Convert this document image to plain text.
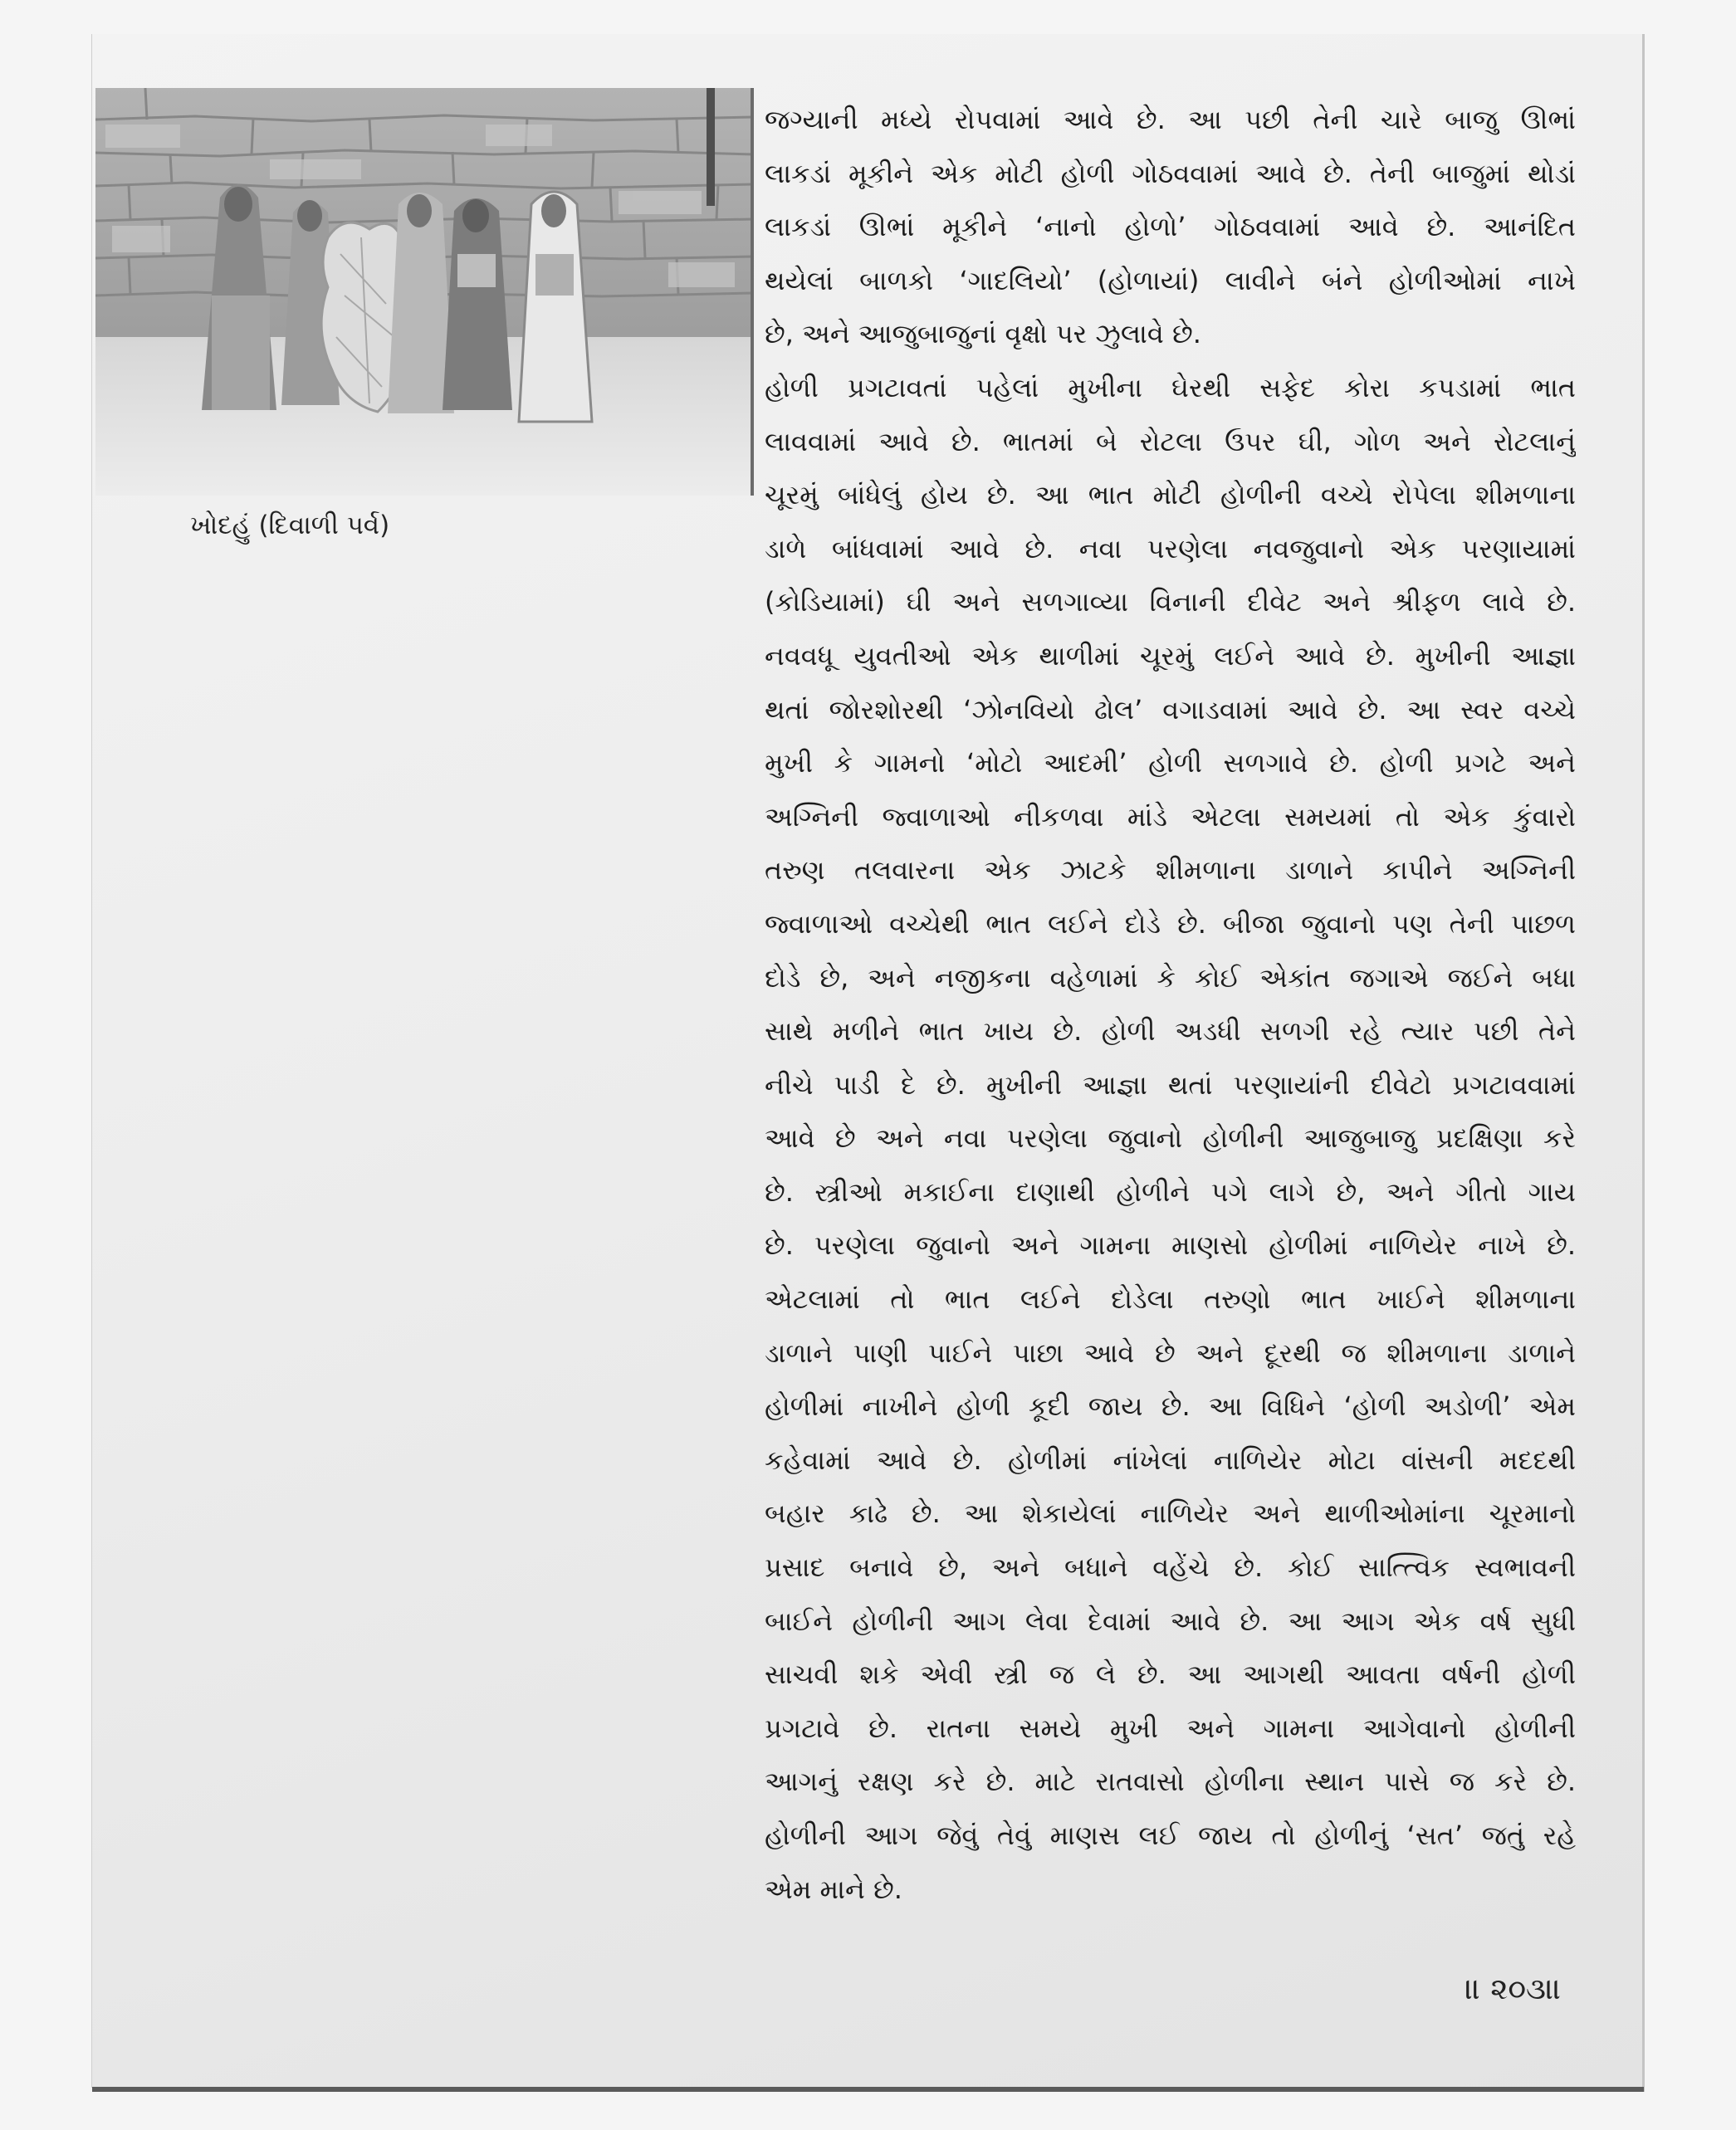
ખોદહું (દિવાળી પર્વ)
જગ્યાની મધ્યે રોપવામાં આવે છે. આ પછી તેની ચારે બાજુ ઊભાં
લાકડાં મૂકીને એક મોટી હોળી ગોઠવવામાં આવે છે. તેની બાજુમાં થોડાં
લાકડાં ઊભાં મૂકીને ‘નાનો હોળો’ ગોઠવવામાં આવે છે. આનંદિત
થયેલાં બાળકો ‘ગાદલિયો’ (હોળાયાં) લાવીને બંને હોળીઓમાં નાખે
છે, અને આજુબાજુનાં વૃક્ષો પર ઝુલાવે છે.
હોળી પ્રગટાવતાં પહેલાં મુખીના ઘેરથી સફેદ કોરા કપડામાં ભાત
લાવવામાં આવે છે. ભાતમાં બે રોટલા ઉપર ઘી, ગોળ અને રોટલાનું
ચૂરમું બાંધેલું હોય છે. આ ભાત મોટી હોળીની વચ્ચે રોપેલા શીમળાના
ડાળે બાંધવામાં આવે છે. નવા પરણેલા નવજુવાનો એક પરણાયામાં
(કોડિયામાં) ઘી અને સળગાવ્યા વિનાની દીવેટ અને શ્રીફળ લાવે છે.
નવવધૂ યુવતીઓ એક થાળીમાં ચૂરમું લઈને આવે છે. મુખીની આજ્ઞા
થતાં જોરશોરથી ‘ઝોનવિયો ઢોલ’ વગાડવામાં આવે છે. આ સ્વર વચ્ચે
મુખી કે ગામનો ‘મોટો આદમી’ હોળી સળગાવે છે. હોળી પ્રગટે અને
અગ્નિની જ્વાળાઓ નીકળવા માંડે એટલા સમયમાં તો એક કુંવારો
તરુણ તલવારના એક ઝાટકે શીમળાના ડાળાને કાપીને અગ્નિની
જ્વાળાઓ વચ્ચેથી ભાત લઈને દોડે છે. બીજા જુવાનો પણ તેની પાછળ
દોડે છે, અને નજીકના વહેળામાં કે કોઈ એકાંત જગાએ જઈને બધા
સાથે મળીને ભાત ખાય છે. હોળી અડધી સળગી રહે ત્યાર પછી તેને
નીચે પાડી દે છે. મુખીની આજ્ઞા થતાં પરણાયાંની દીવેટો પ્રગટાવવામાં
આવે છે અને નવા પરણેલા જુવાનો હોળીની આજુબાજુ પ્રદક્ષિણા કરે
છે. સ્ત્રીઓ મકાઈના દાણાથી હોળીને પગે લાગે છે, અને ગીતો ગાય
છે. પરણેલા જુવાનો અને ગામના માણસો હોળીમાં નાળિયેર નાખે છે.
એટલામાં તો ભાત લઈને દોડેલા તરુણો ભાત ખાઈને શીમળાના
ડાળાને પાણી પાઈને પાછા આવે છે અને દૂરથી જ શીમળાના ડાળાને
હોળીમાં નાખીને હોળી કૂદી જાય છે. આ વિધિને ‘હોળી અડોળી’ એમ
કહેવામાં આવે છે. હોળીમાં નાંખેલાં નાળિયેર મોટા વાંસની મદદથી
બહાર કાઢે છે. આ શેકાયેલાં નાળિયેર અને થાળીઓમાંના ચૂરમાનો
પ્રસાદ બનાવે છે, અને બધાને વહેંચે છે. કોઈ સાત્ત્વિક સ્વભાવની
બાઈને હોળીની આગ લેવા દેવામાં આવે છે. આ આગ એક વર્ષ સુધી
સાચવી શકે એવી સ્ત્રી જ લે છે. આ આગથી આવતા વર્ષની હોળી
પ્રગટાવે છે. રાતના સમયે મુખી અને ગામના આગેવાનો હોળીની
આગનું રક્ષણ કરે છે. માટે રાતવાસો હોળીના સ્થાન પાસે જ કરે છે.
હોળીની આગ જેવું તેવું માણસ લઈ જાય તો હોળીનું ‘સત’ જતું રહે
એમ માને છે.
॥ ૨૦૩॥
